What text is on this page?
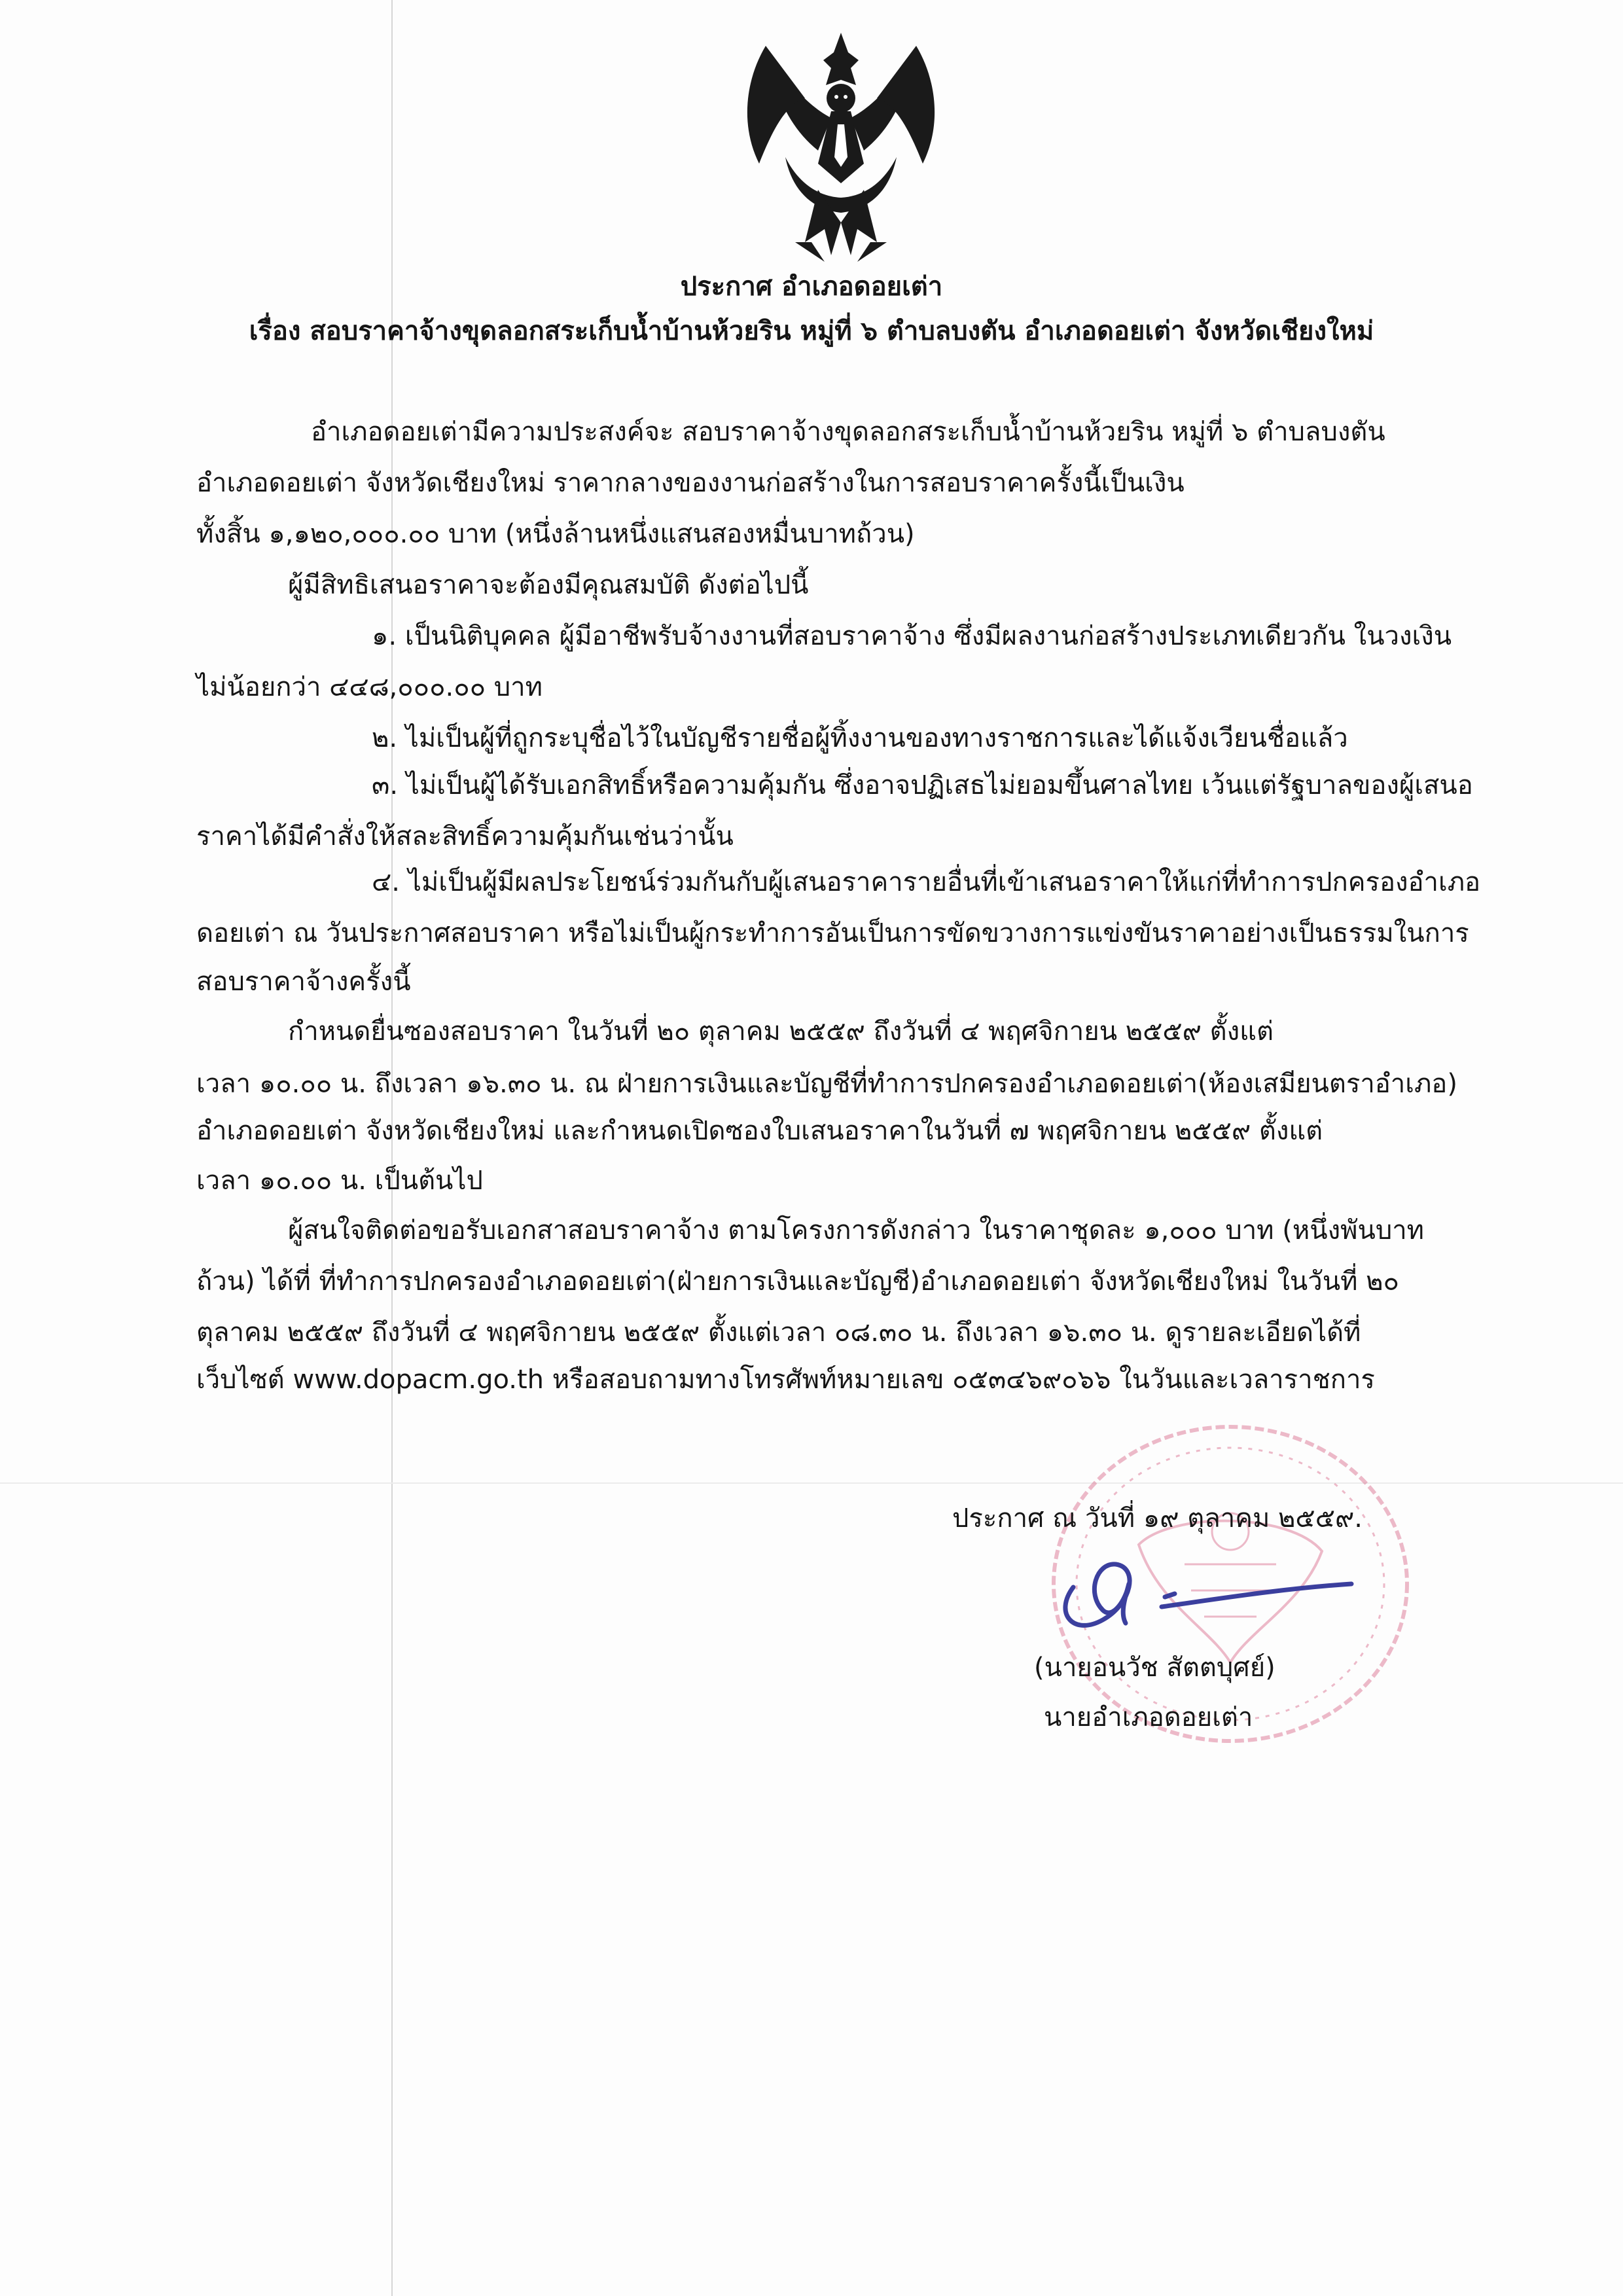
ประกาศ อำเภอดอยเต่า
เรื่อง สอบราคาจ้างขุดลอกสระเก็บน้ำบ้านห้วยริน หมู่ที่ ๖ ตำบลบงตัน อำเภอดอยเต่า จังหวัดเชียงใหม่
อำเภอดอยเต่ามีความประสงค์จะ สอบราคาจ้างขุดลอกสระเก็บน้ำบ้านห้วยริน หมู่ที่ ๖ ตำบลบงตัน
อำเภอดอยเต่า จังหวัดเชียงใหม่ ราคากลางของงานก่อสร้างในการสอบราคาครั้งนี้เป็นเงิน
ทั้งสิ้น ๑,๑๒๐,๐๐๐.๐๐ บาท (หนึ่งล้านหนึ่งแสนสองหมื่นบาทถ้วน)
ผู้มีสิทธิเสนอราคาจะต้องมีคุณสมบัติ ดังต่อไปนี้
๑. เป็นนิติบุคคล ผู้มีอาชีพรับจ้างงานที่สอบราคาจ้าง ซึ่งมีผลงานก่อสร้างประเภทเดียวกัน ในวงเงิน
ไม่น้อยกว่า ๔๔๘,๐๐๐.๐๐ บาท
๒. ไม่เป็นผู้ที่ถูกระบุชื่อไว้ในบัญชีรายชื่อผู้ทิ้งงานของทางราชการและได้แจ้งเวียนชื่อแล้ว
๓. ไม่เป็นผู้ได้รับเอกสิทธิ์หรือความคุ้มกัน ซึ่งอาจปฏิเสธไม่ยอมขึ้นศาลไทย เว้นแต่รัฐบาลของผู้เสนอ
ราคาได้มีคำสั่งให้สละสิทธิ์ความคุ้มกันเช่นว่านั้น
๔. ไม่เป็นผู้มีผลประโยชน์ร่วมกันกับผู้เสนอราคารายอื่นที่เข้าเสนอราคาให้แก่ที่ทำการปกครองอำเภอ
ดอยเต่า ณ วันประกาศสอบราคา หรือไม่เป็นผู้กระทำการอันเป็นการขัดขวางการแข่งขันราคาอย่างเป็นธรรมในการ
สอบราคาจ้างครั้งนี้
กำหนดยื่นซองสอบราคา ในวันที่ ๒๐ ตุลาคม ๒๕๕๙ ถึงวันที่ ๔ พฤศจิกายน ๒๕๕๙ ตั้งแต่
เวลา ๑๐.๐๐ น. ถึงเวลา ๑๖.๓๐ น. ณ ฝ่ายการเงินและบัญชีที่ทำการปกครองอำเภอดอยเต่า(ห้องเสมียนตราอำเภอ)
อำเภอดอยเต่า จังหวัดเชียงใหม่ และกำหนดเปิดซองใบเสนอราคาในวันที่ ๗ พฤศจิกายน ๒๕๕๙ ตั้งแต่
เวลา ๑๐.๐๐ น. เป็นต้นไป
ผู้สนใจติดต่อขอรับเอกสาสอบราคาจ้าง ตามโครงการดังกล่าว ในราคาชุดละ ๑,๐๐๐ บาท (หนึ่งพันบาท
ถ้วน) ได้ที่ ที่ทำการปกครองอำเภอดอยเต่า(ฝ่ายการเงินและบัญชี)อำเภอดอยเต่า จังหวัดเชียงใหม่ ในวันที่ ๒๐
ตุลาคม ๒๕๕๙ ถึงวันที่ ๔ พฤศจิกายน ๒๕๕๙ ตั้งแต่เวลา ๐๘.๓๐ น. ถึงเวลา ๑๖.๓๐ น. ดูรายละเอียดได้ที่
เว็บไซต์ www.dopacm.go.th หรือสอบถามทางโทรศัพท์หมายเลข ๐๕๓๔๖๙๐๖๖ ในวันและเวลาราชการ
ประกาศ ณ วันที่ ๑๙ ตุลาคม ๒๕๕๙.
(นายอนวัช สัตตบุศย์)
นายอำเภอดอยเต่า
